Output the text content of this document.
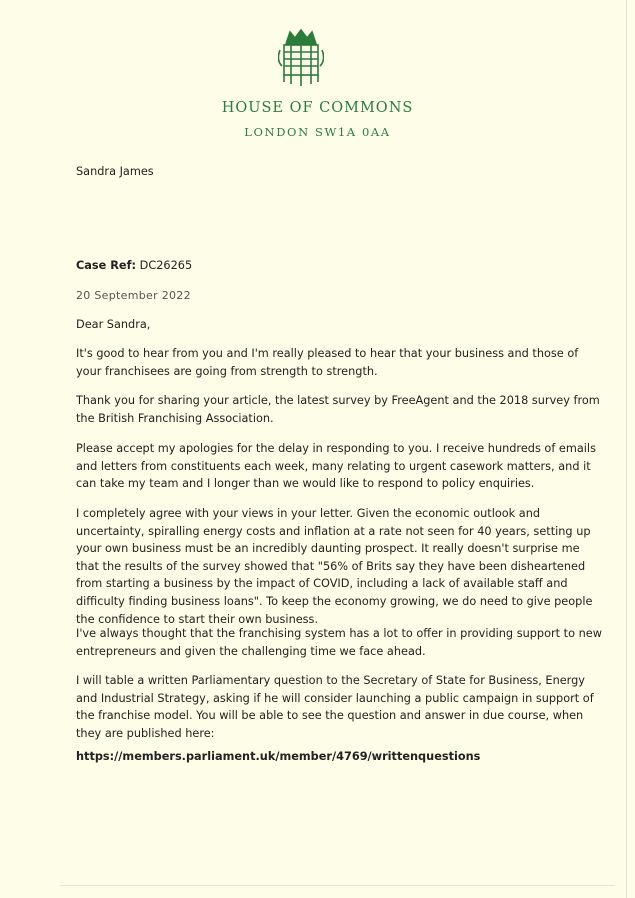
HOUSE OF COMMONS
LONDON SW1A 0AA
Sandra James
Case Ref: DC26265
20 September 2022
Dear Sandra,
It's good to hear from you and I'm really pleased to hear that your business and those of
your franchisees are going from strength to strength.
Thank you for sharing your article, the latest survey by FreeAgent and the 2018 survey from
the British Franchising Association.
Please accept my apologies for the delay in responding to you. I receive hundreds of emails
and letters from constituents each week, many relating to urgent casework matters, and it
can take my team and I longer than we would like to respond to policy enquiries.
I completely agree with your views in your letter. Given the economic outlook and
uncertainty, spiralling energy costs and inflation at a rate not seen for 40 years, setting up
your own business must be an incredibly daunting prospect. It really doesn't surprise me
that the results of the survey showed that "56% of Brits say they have been disheartened
from starting a business by the impact of COVID, including a lack of available staff and
difficulty finding business loans". To keep the economy growing, we do need to give people
the confidence to start their own business.
I've always thought that the franchising system has a lot to offer in providing support to new
entrepreneurs and given the challenging time we face ahead.
I will table a written Parliamentary question to the Secretary of State for Business, Energy
and Industrial Strategy, asking if he will consider launching a public campaign in support of
the franchise model. You will be able to see the question and answer in due course, when
they are published here:
https://members.parliament.uk/member/4769/writtenquestions
